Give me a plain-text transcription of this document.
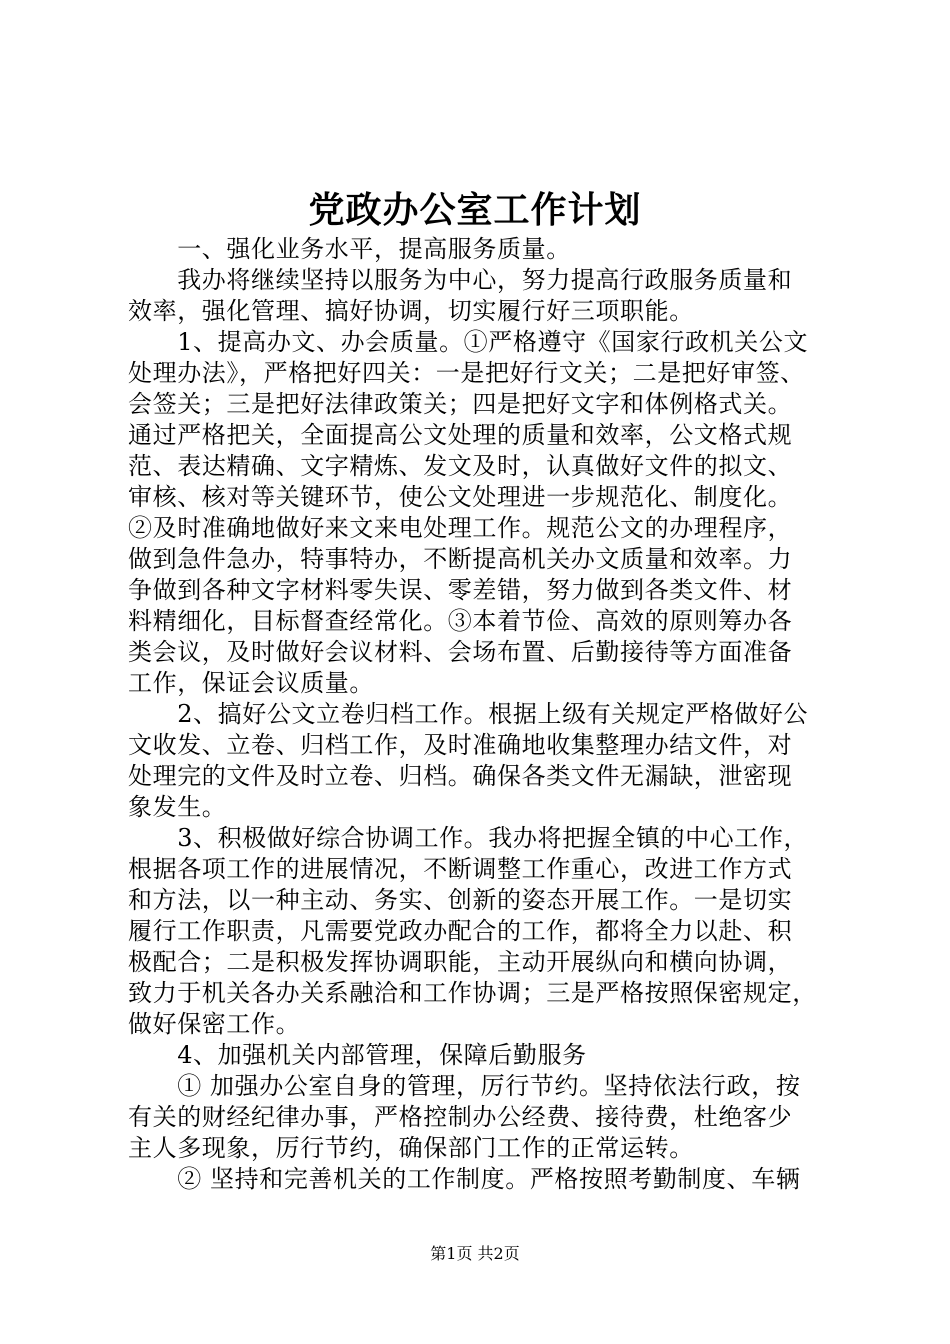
党政办公室工作计划
　　一、强化业务水平，提高服务质量。
　　我办将继续坚持以服务为中心，努力提高行政服务质量和
效率，强化管理、搞好协调，切实履行好三项职能。
　　1、提高办文、办会质量。①严格遵守《国家行政机关公文
处理办法》，严格把好四关：一是把好行文关；二是把好审签、
会签关；三是把好法律政策关；四是把好文字和体例格式关。
通过严格把关，全面提高公文处理的质量和效率，公文格式规
范、表达精确、文字精炼、发文及时，认真做好文件的拟文、
审核、核对等关键环节，使公文处理进一步规范化、制度化。
②及时准确地做好来文来电处理工作。规范公文的办理程序，
做到急件急办，特事特办，不断提高机关办文质量和效率。力
争做到各种文字材料零失误、零差错，努力做到各类文件、材
料精细化，目标督查经常化。③本着节俭、高效的原则筹办各
类会议，及时做好会议材料、会场布置、后勤接待等方面准备
工作，保证会议质量。
　　2、搞好公文立卷归档工作。根据上级有关规定严格做好公
文收发、立卷、归档工作，及时准确地收集整理办结文件，对
处理完的文件及时立卷、归档。确保各类文件无漏缺，泄密现
象发生。
　　3、积极做好综合协调工作。我办将把握全镇的中心工作，
根据各项工作的进展情况，不断调整工作重心，改进工作方式
和方法，以一种主动、务实、创新的姿态开展工作。一是切实
履行工作职责，凡需要党政办配合的工作，都将全力以赴、积
极配合；二是积极发挥协调职能，主动开展纵向和横向协调，
致力于机关各办关系融洽和工作协调；三是严格按照保密规定，
做好保密工作。
　　4、加强机关内部管理，保障后勤服务
　　① 加强办公室自身的管理，厉行节约。坚持依法行政，按
有关的财经纪律办事，严格控制办公经费、接待费，杜绝客少
主人多现象，厉行节约，确保部门工作的正常运转。
　　② 坚持和完善机关的工作制度。严格按照考勤制度、车辆
第1页 共2页
